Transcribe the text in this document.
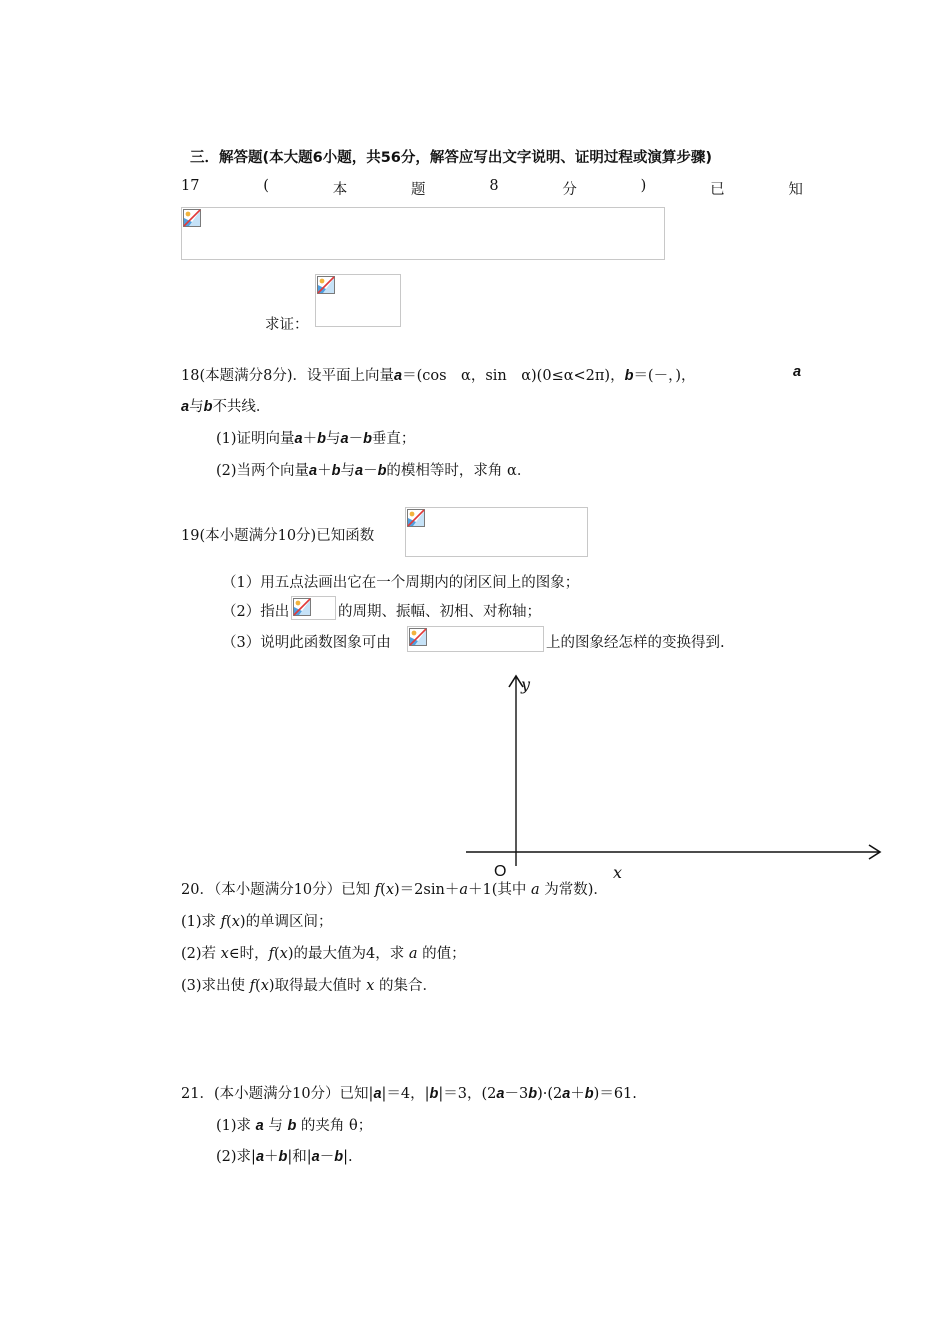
三．解答题(本大题6小题，共56分，解答应写出文字说明、证明过程或演算步骤)
17	(	本	题	8	分	)	已	知
求证：
18(本题满分8分)．设平面上向量a＝(cos　α，sin　α)(0≤α<2π)，b＝(－，)，	a
a与b不共线．
(1)证明向量a＋b与a－b垂直；
(2)当两个向量a＋b与a－b的模相等时，求角 α．
19(本小题满分10分)已知函数
（1）用五点法画出它在一个周期内的闭区间上的图象；
（2）指出	的周期、振幅、初相、对称轴；
（3）说明此函数图象可由	上的图象经怎样的变换得到.
y
O	x
20．（本小题满分10分）已知 f(x)＝2sin＋a＋1(其中 a 为常数)．
(1)求 f(x)的单调区间；
(2)若 x∈时，f(x)的最大值为4，求 a 的值；
(3)求出使 f(x)取得最大值时 x 的集合．
21．(本小题满分10分）已知|a|＝4，|b|＝3，(2a－3b)·(2a＋b)＝61.
(1)求 a 与 b 的夹角 θ；
(2)求|a＋b|和|a－b|.
